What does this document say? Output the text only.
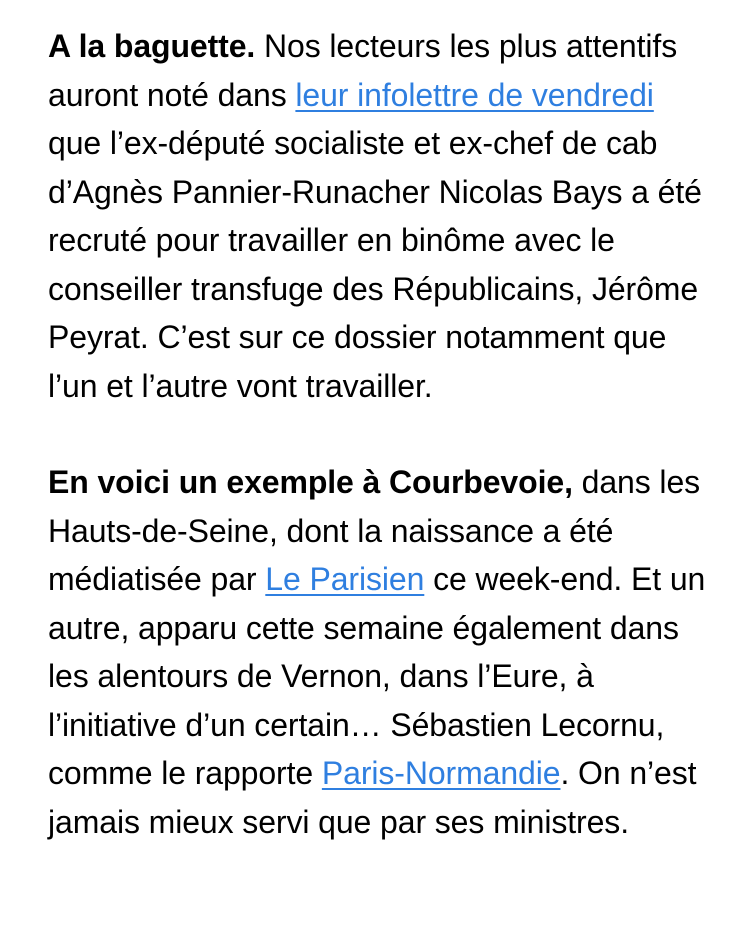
A la baguette. Nos lecteurs les plus attentifs auront noté dans leur infolettre de vendredi que l’ex-député socialiste et ex-chef de cab d’Agnès Pannier-Runacher Nicolas Bays a été recruté pour travailler en binôme avec le conseiller transfuge des Républicains, Jérôme Peyrat. C’est sur ce dossier notamment que l’un et l’autre vont travailler.

En voici un exemple à Courbevoie, dans les Hauts-de-Seine, dont la naissance a été médiatisée par Le Parisien ce week-end. Et un autre, apparu cette semaine également dans les alentours de Vernon, dans l’Eure, à l’initiative d’un certain… Sébastien Lecornu, comme le rapporte Paris-Normandie. On n’est jamais mieux servi que par ses ministres.
